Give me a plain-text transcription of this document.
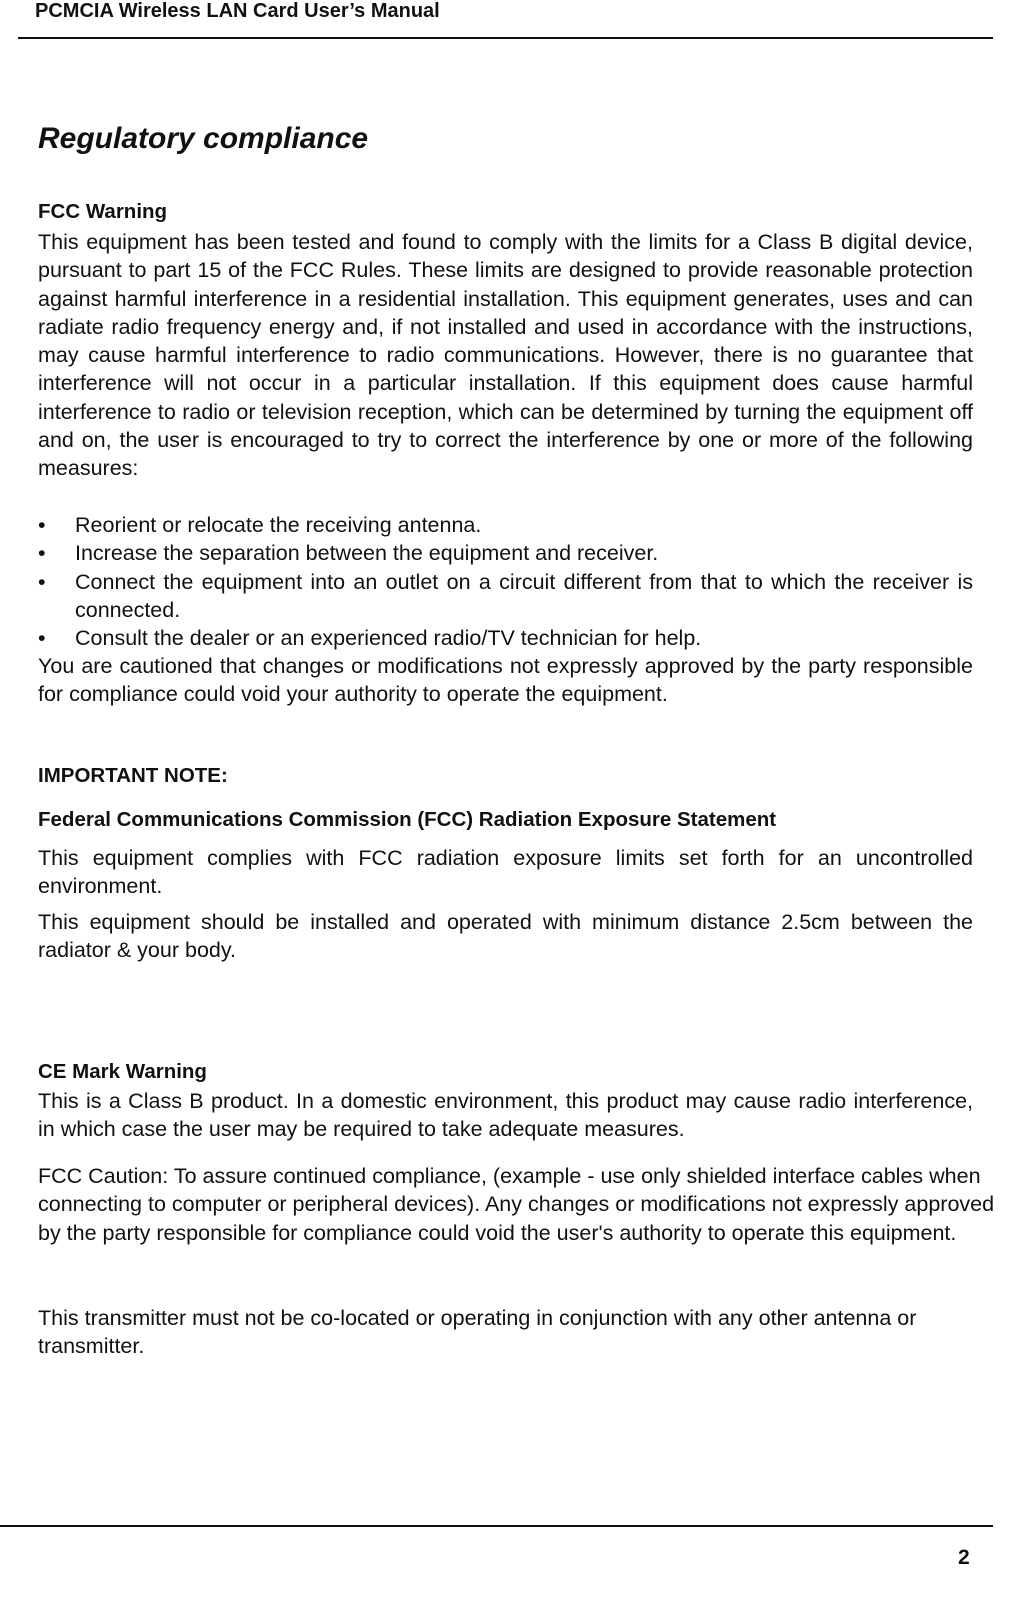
PCMCIA Wireless LAN Card User’s Manual
Regulatory compliance
FCC Warning
This equipment has been tested and found to comply with the limits for a Class B digital device, pursuant to part 15 of the FCC Rules. These limits are designed to provide reasonable protection against harmful interference in a residential installation. This equipment generates, uses and can radiate radio frequency energy and, if not installed and used in accordance with the instructions, may cause harmful interference to radio communications. However, there is no guarantee that interference will not occur in a particular installation. If this equipment does cause harmful interference to radio or television reception, which can be determined by turning the equipment off and on, the user is encouraged to try to correct the interference by one or more of the following measures:
•	Reorient or relocate the receiving antenna.
•	Increase the separation between the equipment and receiver.
•	Connect the equipment into an outlet on a circuit different from that to which the receiver is connected.
•	Consult the dealer or an experienced radio/TV technician for help.
You are cautioned that changes or modifications not expressly approved by the party responsible for compliance could void your authority to operate the equipment.
IMPORTANT NOTE:
Federal Communications Commission (FCC) Radiation Exposure Statement
This equipment complies with FCC radiation exposure limits set forth for an uncontrolled environment.
This equipment should be installed and operated with minimum distance 2.5cm between the radiator & your body.
CE Mark Warning
This is a Class B product. In a domestic environment, this product may cause radio interference, in which case the user may be required to take adequate measures.
FCC Caution: To assure continued compliance, (example - use only shielded interface cables when connecting to computer or peripheral devices). Any changes or modifications not expressly approved by the party responsible for compliance could void the user's authority to operate this equipment.
This transmitter must not be co-located or operating in conjunction with any other antenna or transmitter.
2
